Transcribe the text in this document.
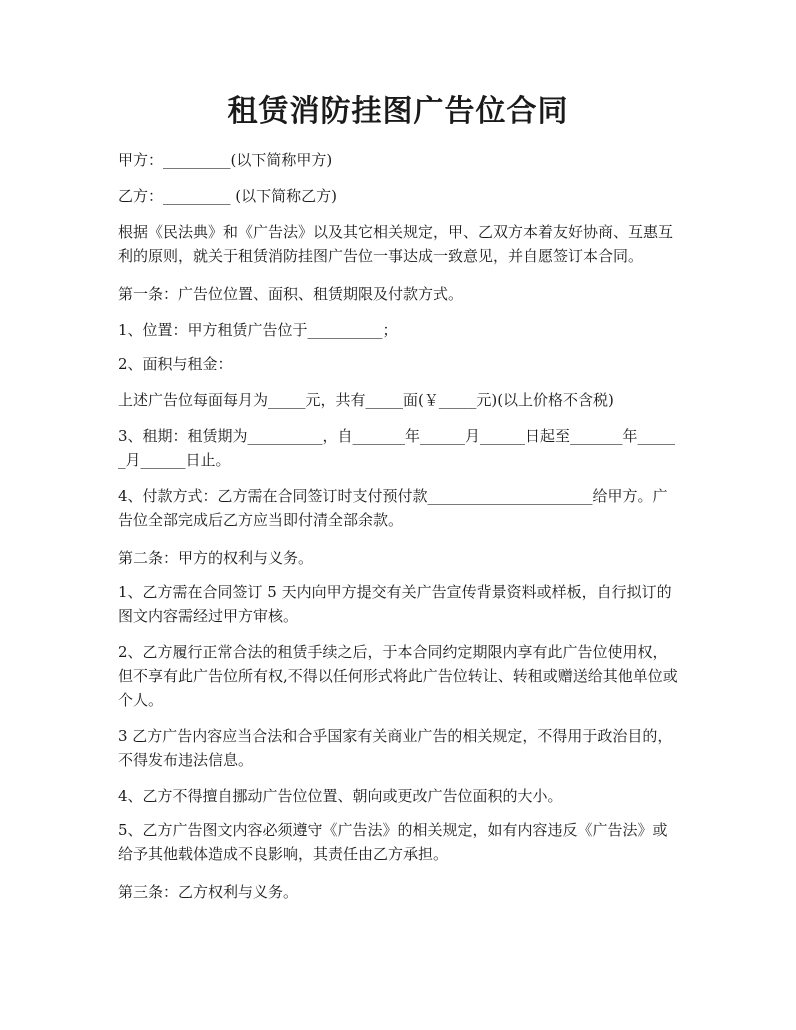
租赁消防挂图广告位合同

甲方：_________(以下简称甲方)

乙方：_________ (以下简称乙方)

根据《民法典》和《广告法》以及其它相关规定，甲、乙双方本着友好协商、互惠互利的原则，就关于租赁消防挂图广告位一事达成一致意见，并自愿签订本合同。

第一条：广告位位置、面积、租赁期限及付款方式。

1、位置：甲方租赁广告位于__________；

2、面积与租金：

上述广告位每面每月为_____元，共有_____面(￥_____元)(以上价格不含税)

3、租期：租赁期为__________，自_______年______月______日起至_______年______月______日止。

4、付款方式：乙方需在合同签订时支付预付款______________________给甲方。广告位全部完成后乙方应当即付清全部余款。

第二条：甲方的权利与义务。

1、乙方需在合同签订 5 天内向甲方提交有关广告宣传背景资料或样板，自行拟订的图文内容需经过甲方审核。

2、乙方履行正常合法的租赁手续之后，于本合同约定期限内享有此广告位使用权，但不享有此广告位所有权,不得以任何形式将此广告位转让、转租或赠送给其他单位或个人。

3 乙方广告内容应当合法和合乎国家有关商业广告的相关规定，不得用于政治目的，不得发布违法信息。

4、乙方不得擅自挪动广告位位置、朝向或更改广告位面积的大小。

5、乙方广告图文内容必须遵守《广告法》的相关规定，如有内容违反《广告法》或给予其他载体造成不良影响，其责任由乙方承担。

第三条：乙方权利与义务。
